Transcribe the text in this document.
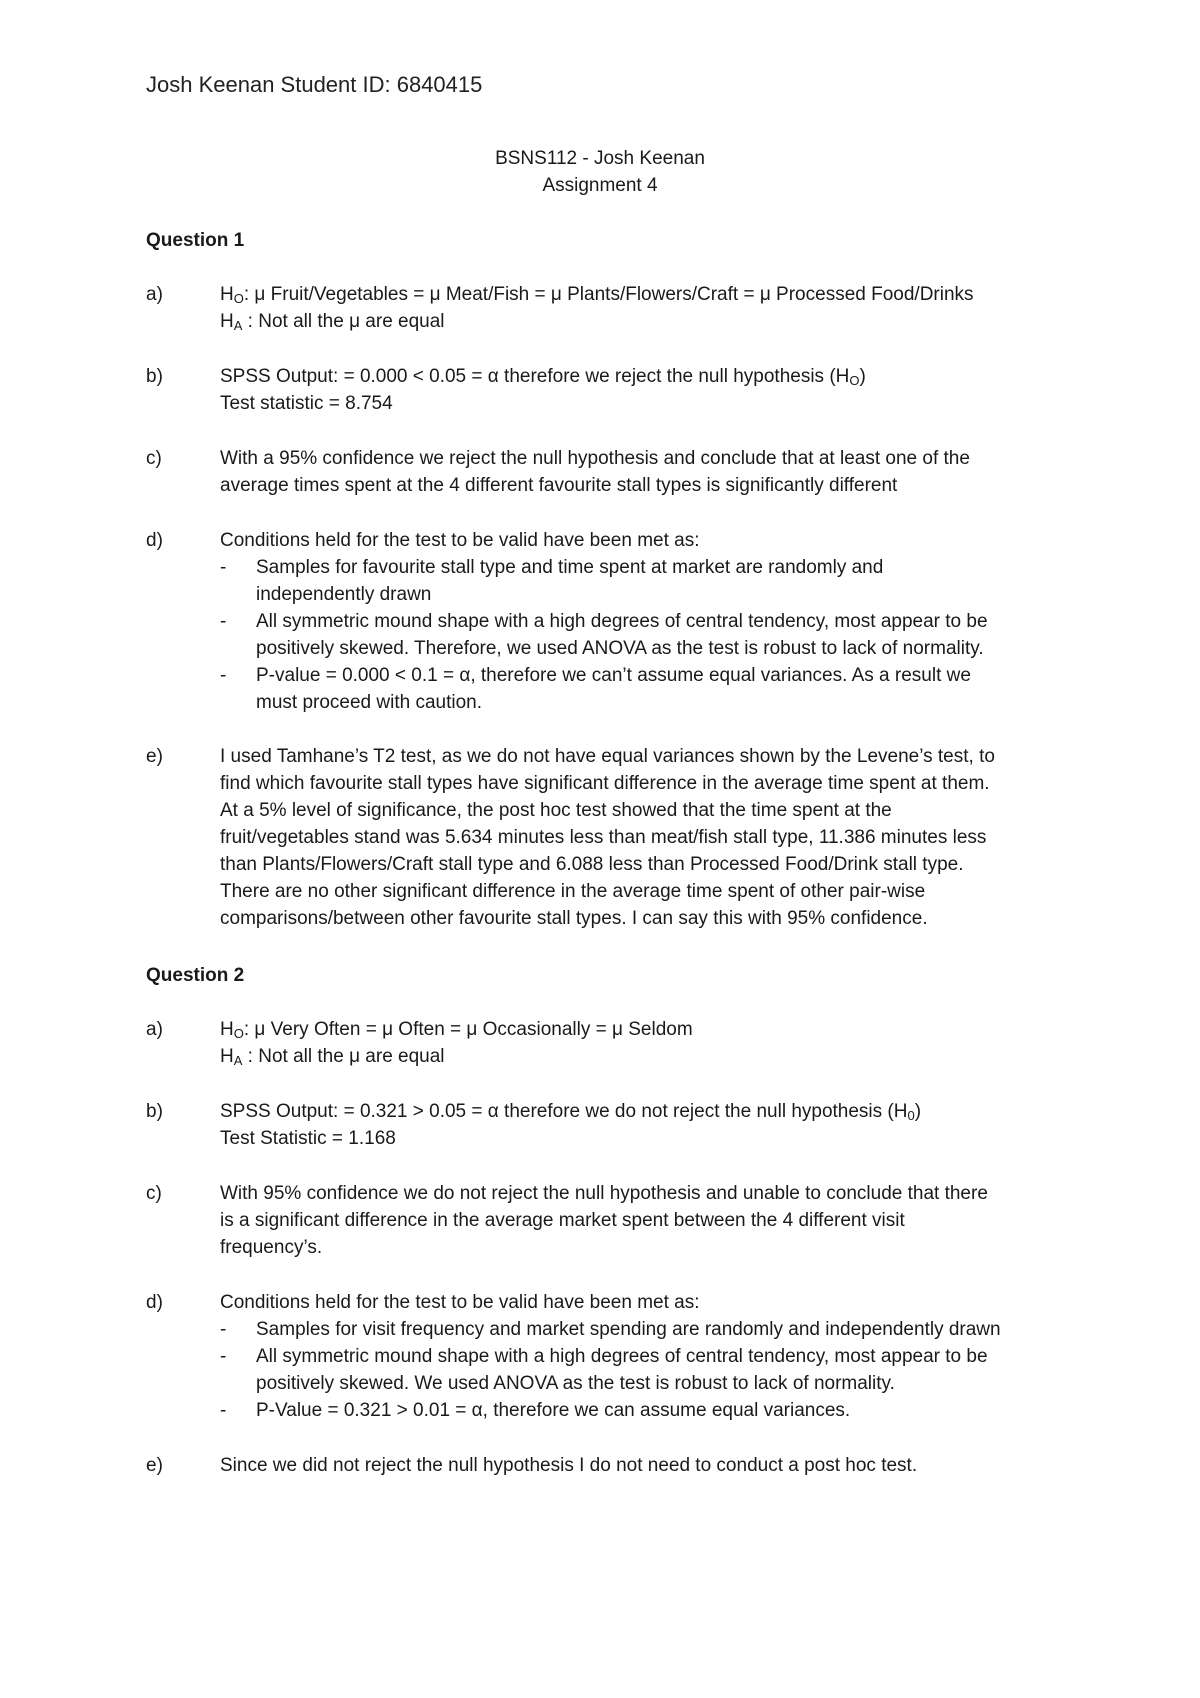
Josh Keenan Student ID: 6840415
BSNS112 - Josh Keenan
Assignment 4
Question 1
a)	$H_O$: μ Fruit/Vegetables = μ Meat/Fish = μ Plants/Flowers/Craft = μ Processed Food/Drinks
$H_A$ : Not all the μ are equal
b)	SPSS Output: = 0.000 < 0.05 = α therefore we reject the null hypothesis $(H_O)$
Test statistic = 8.754
c)	With a 95% confidence we reject the null hypothesis and conclude that at least one of the
average times spent at the 4 different favourite stall types is significantly different
d)	Conditions held for the test to be valid have been met as:
- Samples for favourite stall type and time spent at market are randomly and
independently drawn
- All symmetric mound shape with a high degrees of central tendency, most appear to be
positively skewed. Therefore, we used ANOVA as the test is robust to lack of normality.
- P-value = 0.000 < 0.1 = α, therefore we can’t assume equal variances. As a result we
must proceed with caution.
e)	I used Tamhane’s T2 test, as we do not have equal variances shown by the Levene’s test, to
find which favourite stall types have significant difference in the average time spent at them.
At a 5% level of significance, the post hoc test showed that the time spent at the
fruit/vegetables stand was 5.634 minutes less than meat/fish stall type, 11.386 minutes less
than Plants/Flowers/Craft stall type and 6.088 less than Processed Food/Drink stall type.
There are no other significant difference in the average time spent of other pair-wise
comparisons/between other favourite stall types. I can say this with 95% confidence.
Question 2
a)	$H_O$: μ Very Often = μ Often = μ Occasionally = μ Seldom
$H_A$ : Not all the μ are equal
b)	SPSS Output: = 0.321 > 0.05 = α therefore we do not reject the null hypothesis $(H_0)$
Test Statistic = 1.168
c)	With 95% confidence we do not reject the null hypothesis and unable to conclude that there
is a significant difference in the average market spent between the 4 different visit
frequency’s.
d)	Conditions held for the test to be valid have been met as:
- Samples for visit frequency and market spending are randomly and independently drawn
- All symmetric mound shape with a high degrees of central tendency, most appear to be
positively skewed. We used ANOVA as the test is robust to lack of normality.
- P-Value = 0.321 > 0.01 = α, therefore we can assume equal variances.
e)	Since we did not reject the null hypothesis I do not need to conduct a post hoc test.
